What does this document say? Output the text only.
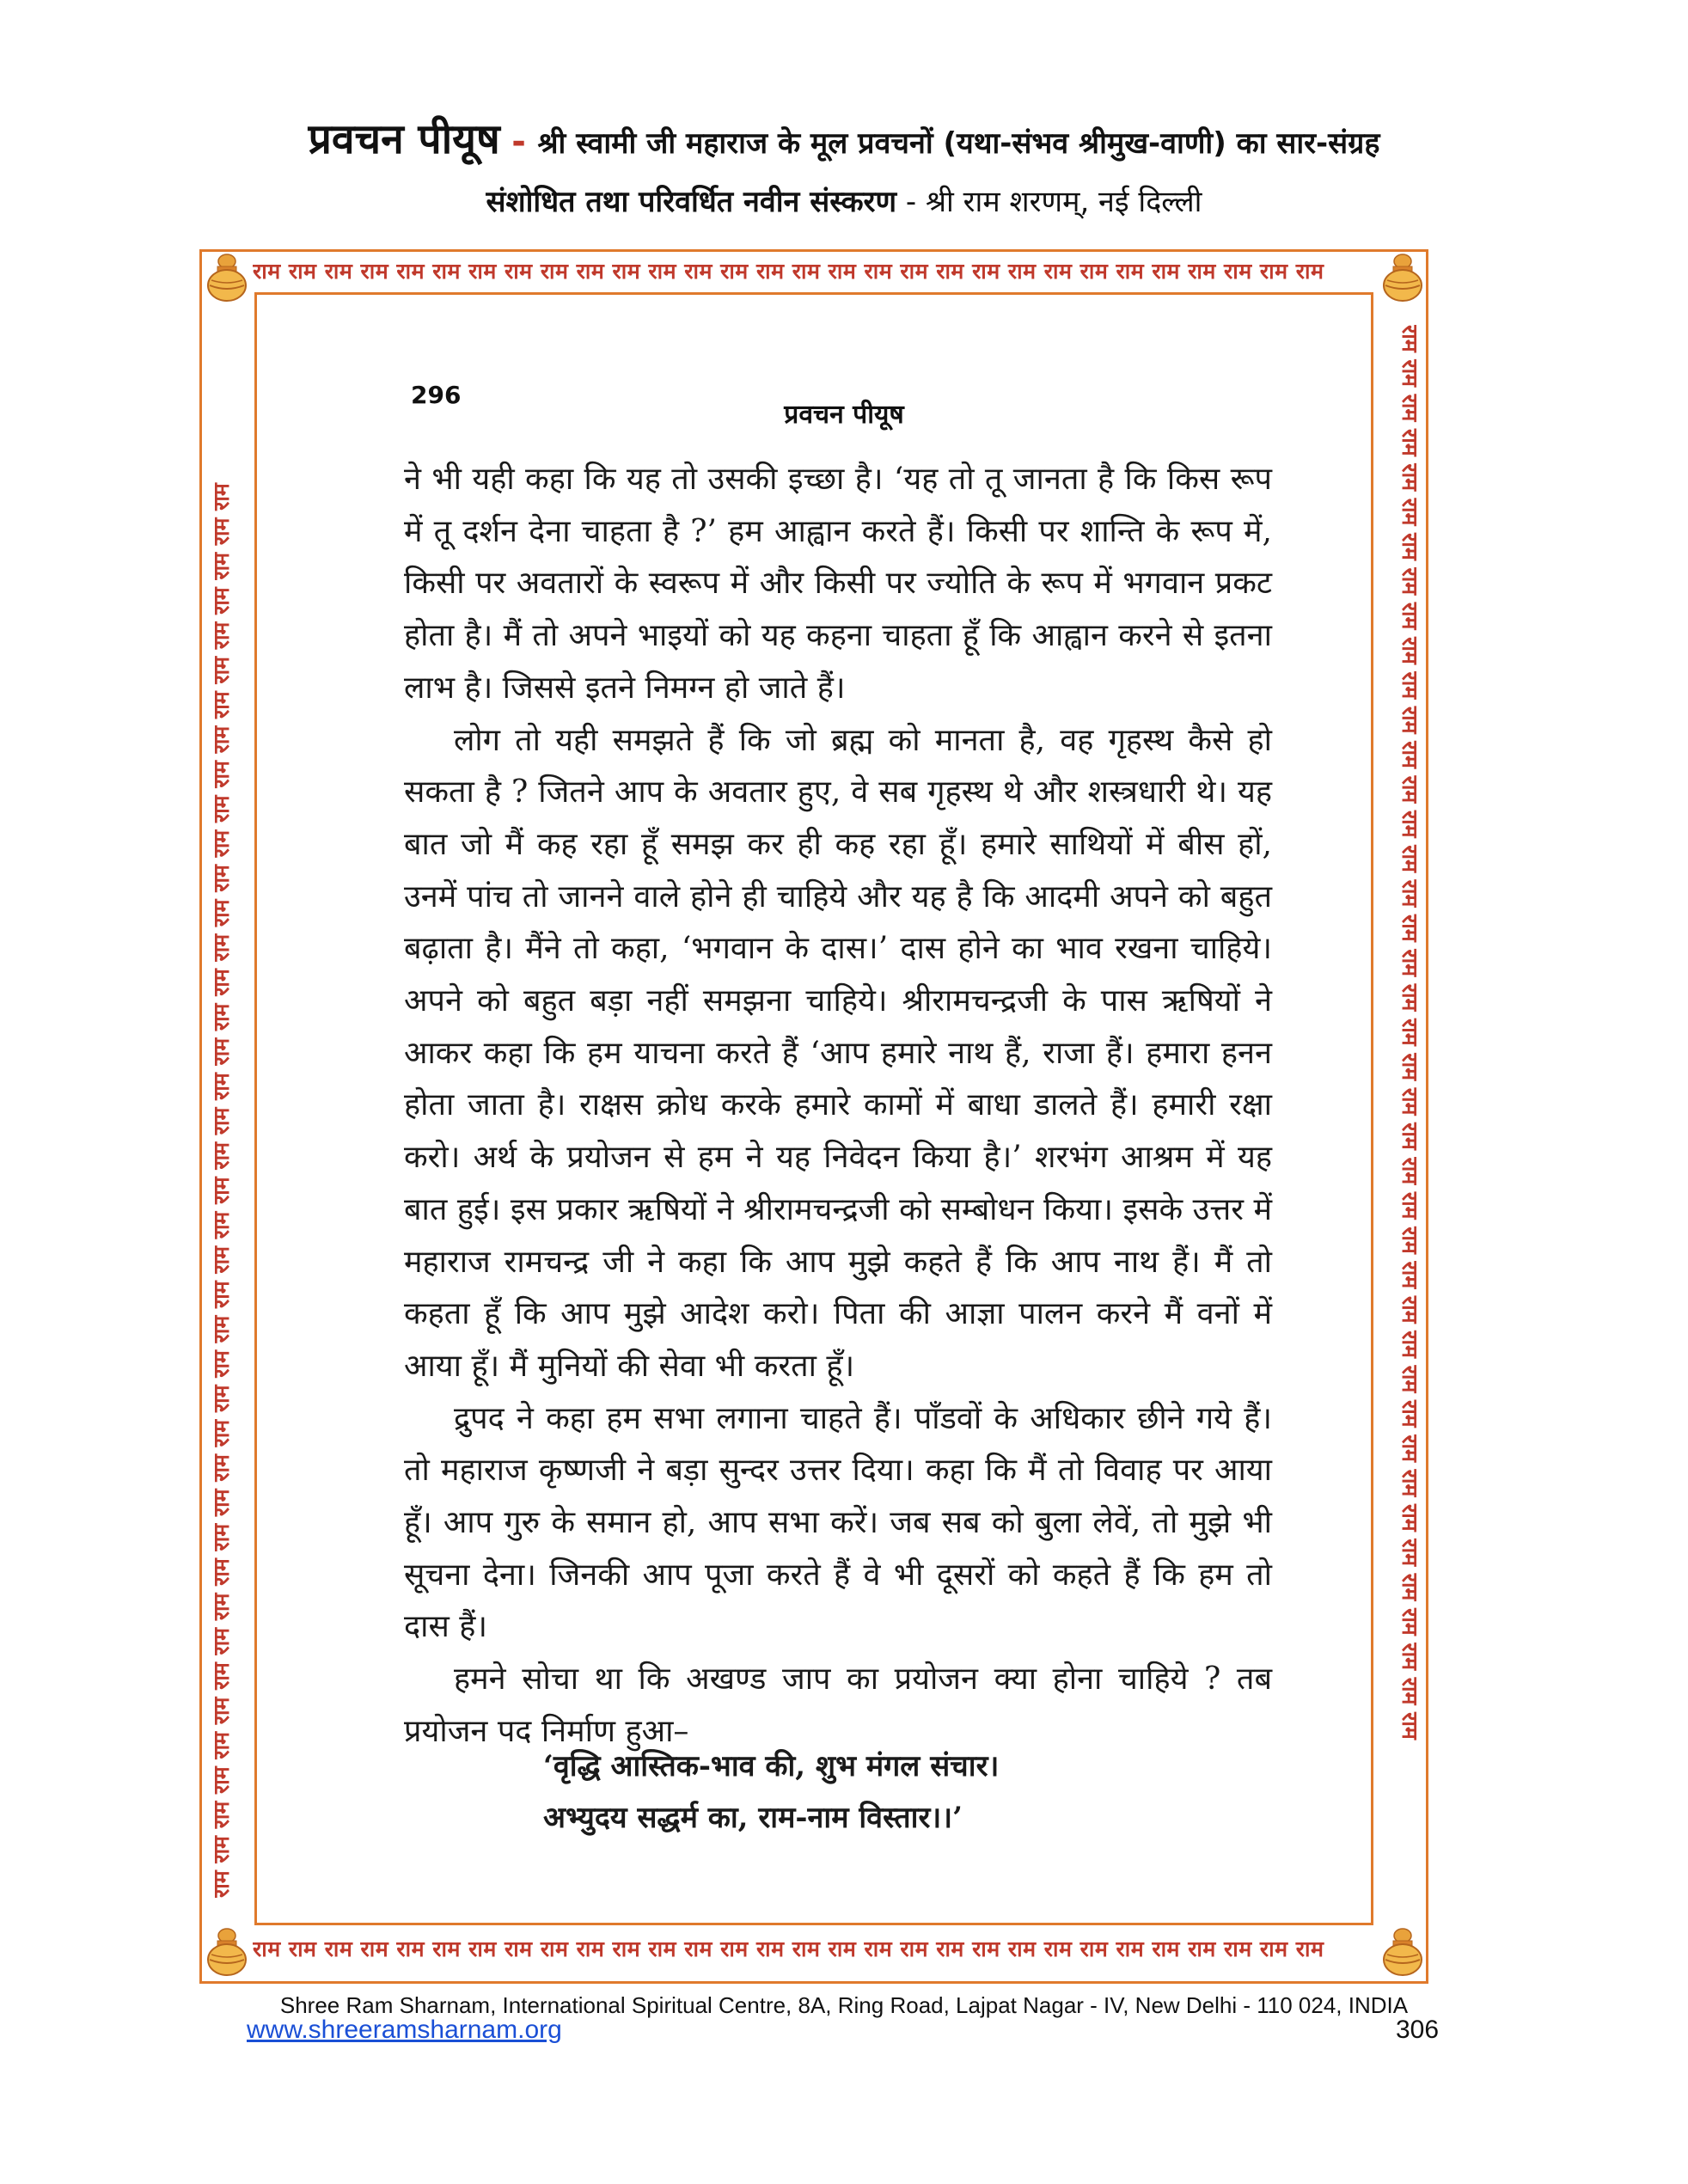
प्रवचन पीयूष - श्री स्वामी जी महाराज के मूल प्रवचनों (यथा-संभव श्रीमुख-वाणी) का सार-संग्रह
संशोधित तथा परिवर्धित नवीन संस्करण - श्री राम शरणम्, नई दिल्ली
राम राम राम राम राम राम राम राम राम राम राम राम राम राम राम राम राम राम राम राम राम राम राम राम राम राम राम राम राम राम
राम राम राम राम राम राम राम राम राम राम राम राम राम राम राम राम राम राम राम राम राम राम राम राम राम राम राम राम राम राम
राम राम राम राम राम राम राम राम राम राम राम राम राम राम राम राम राम राम राम राम राम राम राम राम राम राम राम राम राम राम राम राम राम राम राम राम राम राम राम राम राम	राम राम राम राम राम राम राम राम राम राम राम राम राम राम राम राम राम राम राम राम राम राम राम राम राम राम राम राम राम राम राम राम राम राम राम राम राम राम राम राम राम
296
प्रवचन पीयूष

ने भी यही कहा कि यह तो उसकी इच्छा है। ‘यह तो तू जानता है कि किस रूप में तू दर्शन देना चाहता है ?’ हम आह्वान करते हैं। किसी पर शान्ति के रूप में, किसी पर अवतारों के स्वरूप में और किसी पर ज्योति के रूप में भगवान प्रकट होता है। मैं तो अपने भाइयों को यह कहना चाहता हूँ कि आह्वान करने से इतना लाभ है। जिससे इतने निमग्न हो जाते हैं।

लोग तो यही समझते हैं कि जो ब्रह्म को मानता है, वह गृहस्थ कैसे हो सकता है ? जितने आप के अवतार हुए, वे सब गृहस्थ थे और शस्त्रधारी थे। यह बात जो मैं कह रहा हूँ समझ कर ही कह रहा हूँ। हमारे साथियों में बीस हों, उनमें पांच तो जानने वाले होने ही चाहिये और यह है कि आदमी अपने को बहुत बढ़ाता है। मैंने तो कहा, ‘भगवान के दास।’ दास होने का भाव रखना चाहिये। अपने को बहुत बड़ा नहीं समझना चाहिये। श्रीरामचन्द्रजी के पास ऋषियों ने आकर कहा कि हम याचना करते हैं ‘आप हमारे नाथ हैं, राजा हैं। हमारा हनन होता जाता है। राक्षस क्रोध करके हमारे कामों में बाधा डालते हैं। हमारी रक्षा करो। अर्थ के प्रयोजन से हम ने यह निवेदन किया है।’ शरभंग आश्रम में यह बात हुई। इस प्रकार ऋषियों ने श्रीरामचन्द्रजी को सम्बोधन किया। इसके उत्तर में महाराज रामचन्द्र जी ने कहा कि आप मुझे कहते हैं कि आप नाथ हैं। मैं तो कहता हूँ कि आप मुझे आदेश करो। पिता की आज्ञा पालन करने मैं वनों में आया हूँ। मैं मुनियों की सेवा भी करता हूँ।

द्रुपद ने कहा हम सभा लगाना चाहते हैं। पाँडवों के अधिकार छीने गये हैं। तो महाराज कृष्णजी ने बड़ा सुन्दर उत्तर दिया। कहा कि मैं तो विवाह पर आया हूँ। आप गुरु के समान हो, आप सभा करें। जब सब को बुला लेवें, तो मुझे भी सूचना देना। जिनकी आप पूजा करते हैं वे भी दूसरों को कहते हैं कि हम तो दास हैं।

हमने सोचा था कि अखण्ड जाप का प्रयोजन क्या होना चाहिये ? तब प्रयोजन पद निर्माण हुआ–

‘वृद्धि आस्तिक-भाव की, शुभ मंगल संचार।
अभ्युदय सद्धर्म का, राम-नाम विस्तार।।’
Shree Ram Sharnam, International Spiritual Centre, 8A, Ring Road, Lajpat Nagar - IV, New Delhi - 110 024, INDIA
www.shreeramsharnam.org	306
